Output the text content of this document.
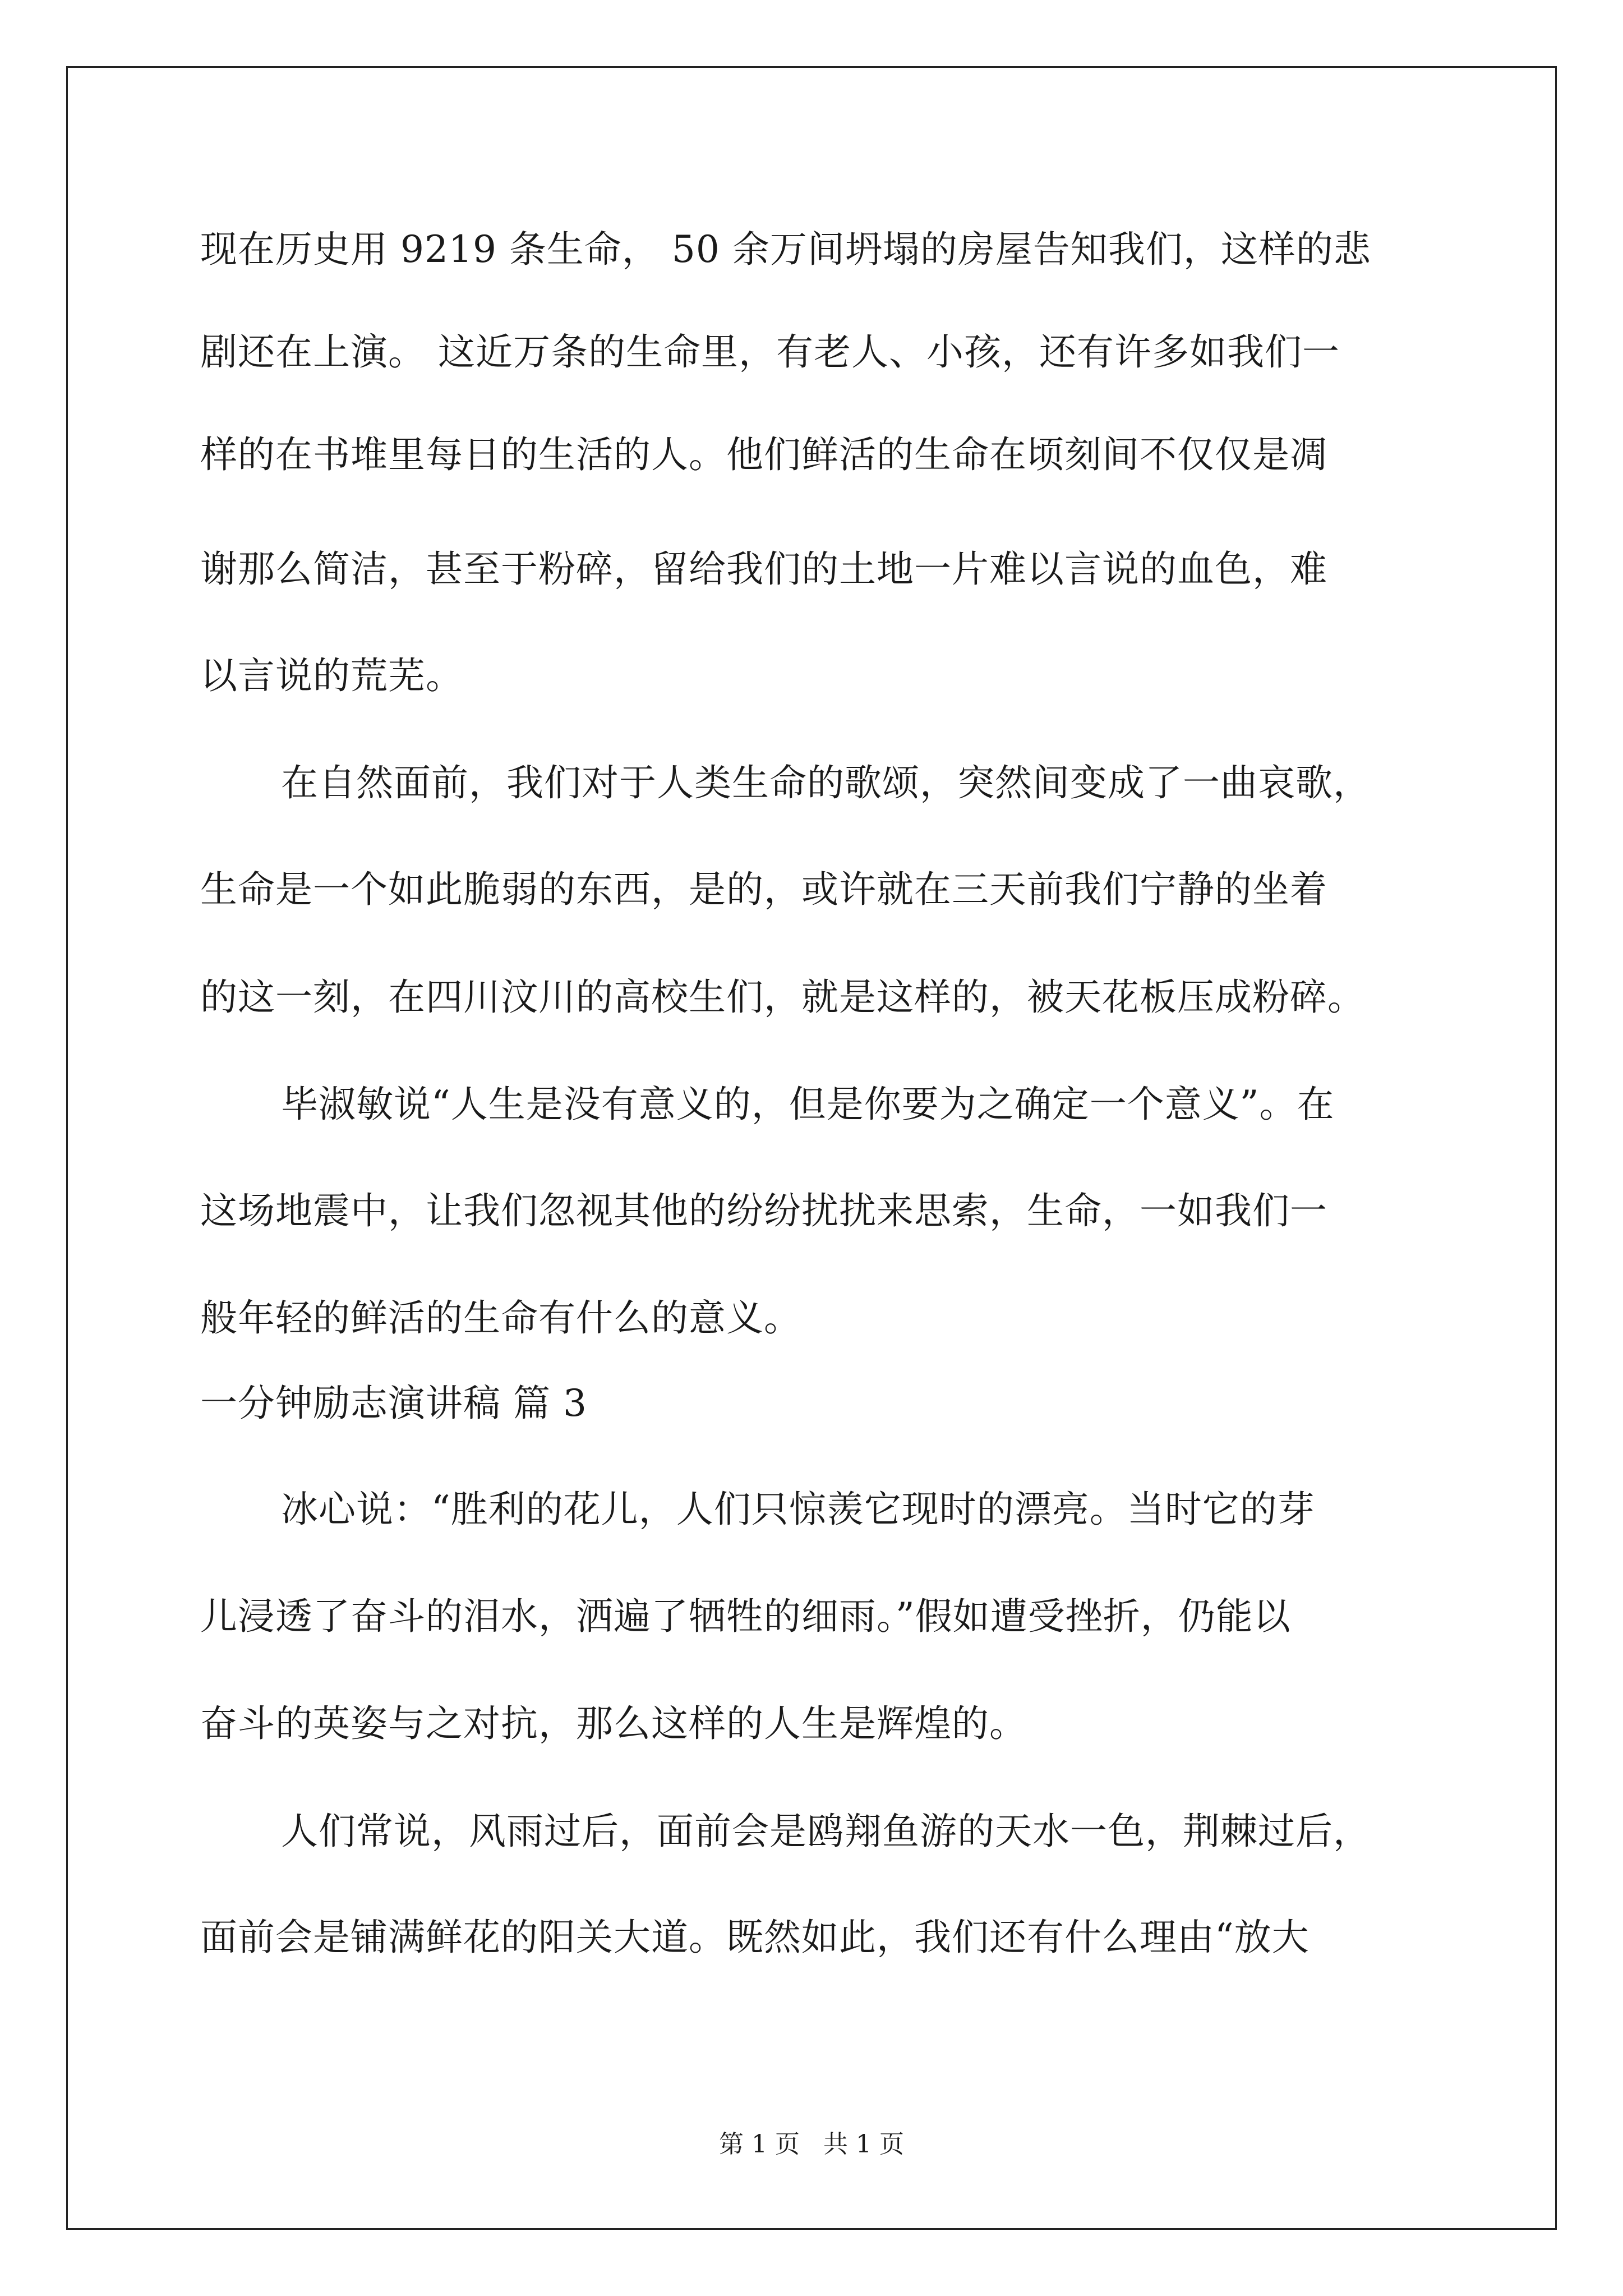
现在历史用 9219 条生命， 50 余万间坍塌的房屋告知我们，这样的悲
剧还在上演。 这近万条的生命里，有老人、小孩，还有许多如我们一
样的在书堆里每日的生活的人。他们鲜活的生命在顷刻间不仅仅是凋
谢那么简洁，甚至于粉碎，留给我们的土地一片难以言说的血色，难
以言说的荒芜。
在自然面前，我们对于人类生命的歌颂，突然间变成了一曲哀歌，
生命是一个如此脆弱的东西，是的，或许就在三天前我们宁静的坐着
的这一刻，在四川汶川的高校生们，就是这样的，被天花板压成粉碎。
毕淑敏说“人生是没有意义的，但是你要为之确定一个意义”。在
这场地震中，让我们忽视其他的纷纷扰扰来思索，生命，一如我们一
般年轻的鲜活的生命有什么的意义。
一分钟励志演讲稿 篇 3
冰心说：“胜利的花儿，人们只惊羡它现时的漂亮。当时它的芽
儿浸透了奋斗的泪水，洒遍了牺牲的细雨。”假如遭受挫折，仍能以
奋斗的英姿与之对抗，那么这样的人生是辉煌的。
人们常说，风雨过后，面前会是鸥翔鱼游的天水一色，荆棘过后，
面前会是铺满鲜花的阳关大道。既然如此，我们还有什么理由“放大
第 1 页   共 1 页
